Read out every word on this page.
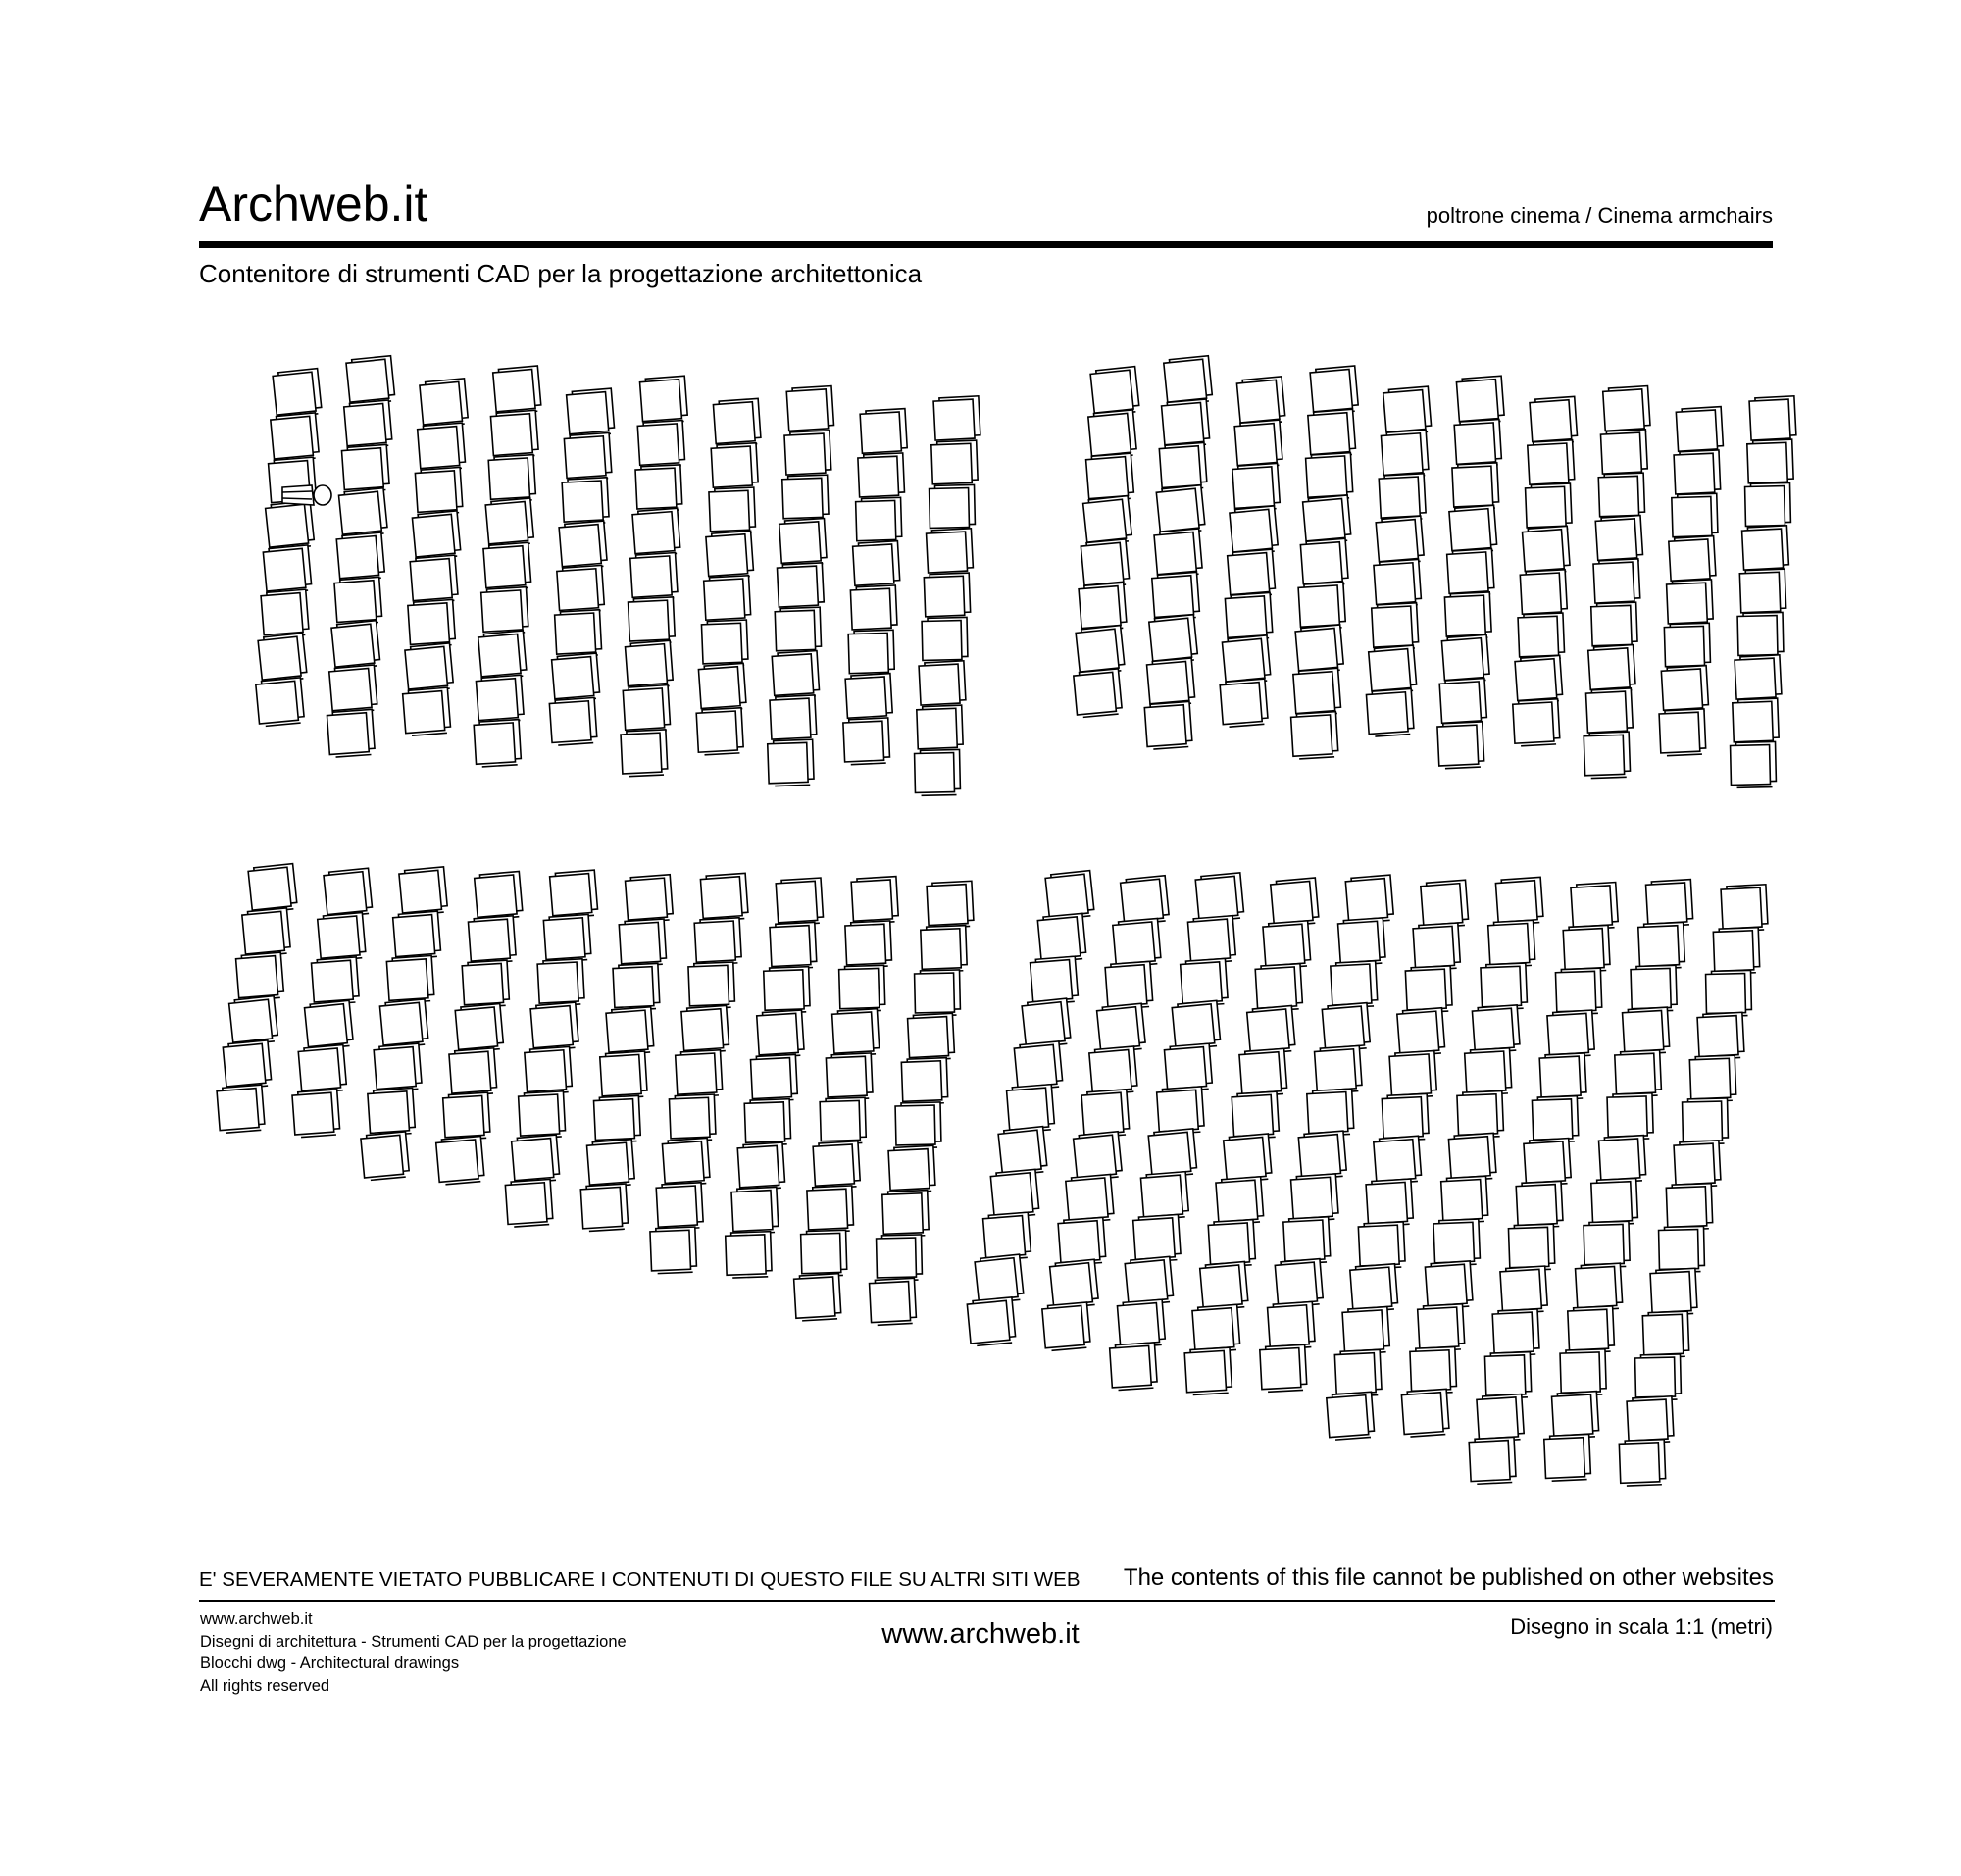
Archweb.it	poltrone cinema / Cinema armchairs
Contenitore di strumenti CAD per la progettazione architettonica
E' SEVERAMENTE VIETATO PUBBLICARE I CONTENUTI DI QUESTO FILE SU ALTRI SITI WEB	The contents of this file cannot be published on other websites
www.archweb.it
Disegni di architettura - Strumenti CAD per la progettazione
Blocchi dwg - Architectural drawings
All rights reserved
www.archweb.it	Disegno in scala 1:1 (metri)
